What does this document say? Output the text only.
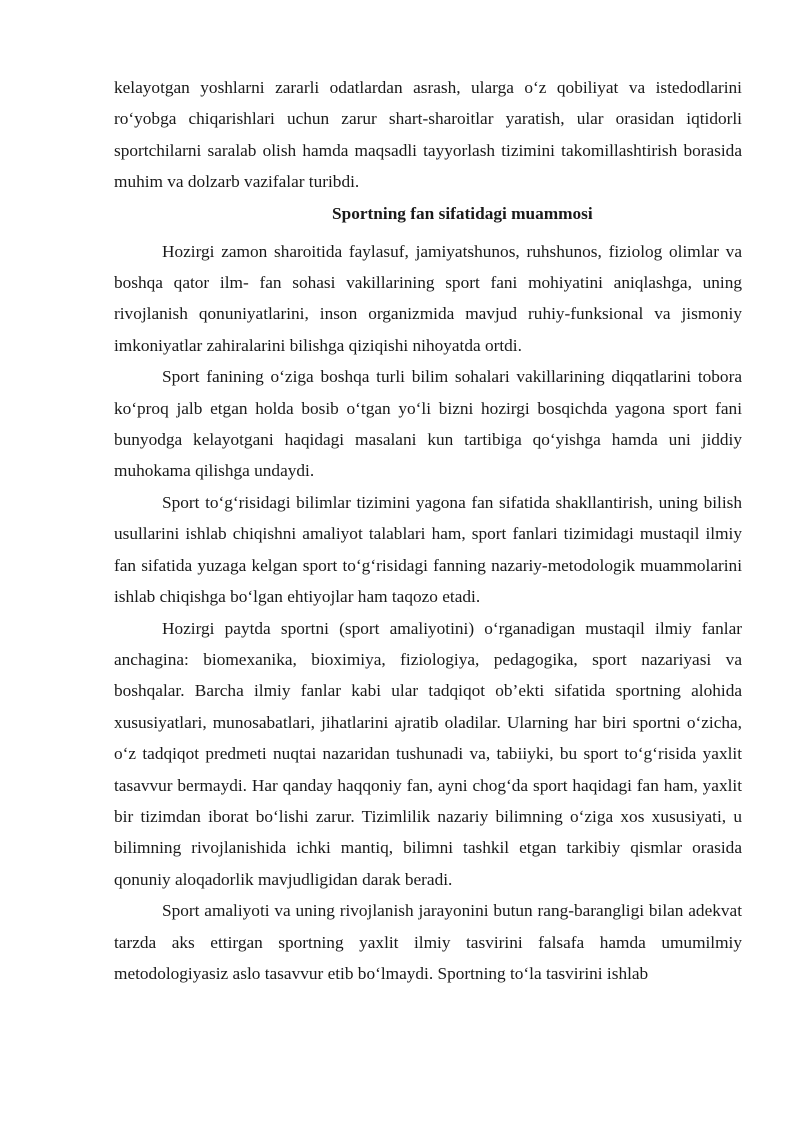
kelayotgan yoshlarni zararli odatlardan asrash, ularga o‘z qobiliyat va istedodlarini ro‘yobga chiqarishlari uchun zarur shart-sharoitlar yaratish, ular orasidan iqtidorli sportchilarni saralab olish hamda maqsadli tayyorlash tizimini takomillashtirish borasida muhim va dolzarb vazifalar turibdi.

Sportning fan sifatidagi muammosi

Hozirgi zamon sharoitida faylasuf, jamiyatshunos, ruhshunos, fiziolog olimlar va boshqa qator ilm- fan sohasi vakillarining sport fani mohiyatini aniqlashga, uning rivojlanish qonuniyatlarini, inson organizmida mavjud ruhiy-funksional va jismoniy imkoniyatlar zahiralarini bilishga qiziqishi nihoyatda ortdi.

Sport fanining o‘ziga boshqa turli bilim sohalari vakillarining diqqatlarini tobora ko‘proq jalb etgan holda bosib o‘tgan yo‘li bizni hozirgi bosqichda yagona sport fani bunyodga kelayotgani haqidagi masalani kun tartibiga qo‘yishga hamda uni jiddiy muhokama qilishga undaydi.

Sport to‘g‘risidagi bilimlar tizimini yagona fan sifatida shakllantirish, uning bilish usullarini ishlab chiqishni amaliyot talablari ham, sport fanlari tizimidagi mustaqil ilmiy fan sifatida yuzaga kelgan sport to‘g‘risidagi fanning nazariy-metodologik muammolarini ishlab chiqishga bo‘lgan ehtiyojlar ham taqozo etadi.

Hozirgi paytda sportni (sport amaliyotini) o‘rganadigan mustaqil ilmiy fanlar anchagina: biomexanika, bioximiya, fiziologiya, pedagogika, sport nazariyasi va boshqalar. Barcha ilmiy fanlar kabi ular tadqiqot ob’ekti sifatida sportning alohida xususiyatlari, munosabatlari, jihatlarini ajratib oladilar. Ularning har biri sportni o‘zicha, o‘z tadqiqot predmeti nuqtai nazaridan tushunadi va, tabiiyki, bu sport to‘g‘risida yaxlit tasavvur bermaydi. Har qanday haqqoniy fan, ayni chog‘da sport haqidagi fan ham, yaxlit bir tizimdan iborat bo‘lishi zarur. Tizimlilik nazariy bilimning o‘ziga xos xususiyati, u bilimning rivojlanishida ichki mantiq, bilimni tashkil etgan tarkibiy qismlar orasida qonuniy aloqadorlik mavjudligidan darak beradi.

Sport amaliyoti va uning rivojlanish jarayonini butun rang-barangligi bilan adekvat tarzda aks ettirgan sportning yaxlit ilmiy tasvirini falsafa hamda umumilmiy metodologiyasiz aslo tasavvur etib bo‘lmaydi. Sportning to‘la tasvirini ishlab
